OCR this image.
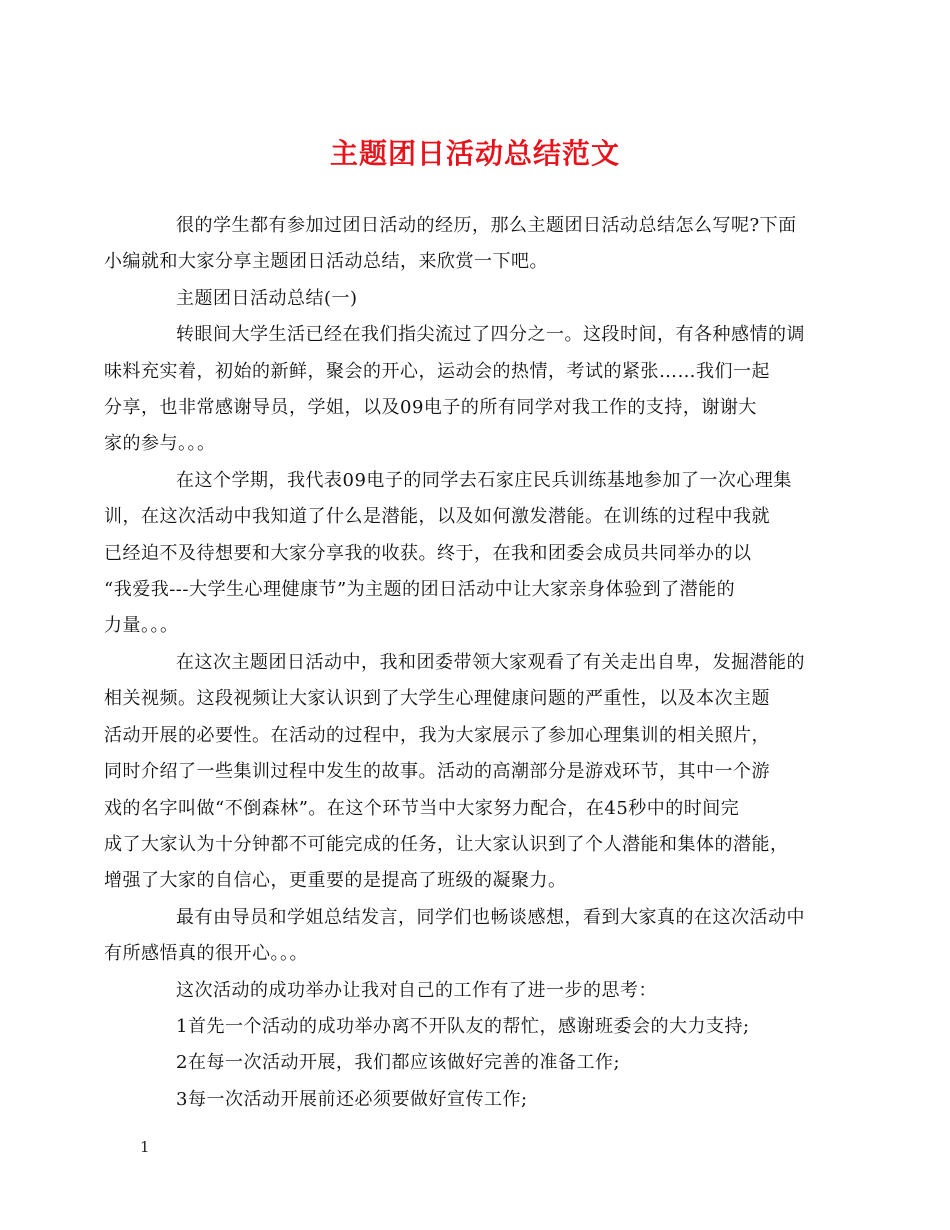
主题团日活动总结范文

很的学生都有参加过团日活动的经历，那么主题团日活动总结怎么写呢?下面
小编就和大家分享主题团日活动总结，来欣赏一下吧。

主题团日活动总结(一)

转眼间大学生活已经在我们指尖流过了四分之一。这段时间，有各种感情的调
味料充实着，初始的新鲜，聚会的开心，运动会的热情，考试的紧张……我们一起
分享，也非常感谢导员，学姐，以及09电子的所有同学对我工作的支持，谢谢大
家的参与。。。

在这个学期，我代表09电子的同学去石家庄民兵训练基地参加了一次心理集
训，在这次活动中我知道了什么是潜能，以及如何激发潜能。在训练的过程中我就
已经迫不及待想要和大家分享我的收获。终于，在我和团委会成员共同举办的以
“我爱我---大学生心理健康节”为主题的团日活动中让大家亲身体验到了潜能的
力量。。。

在这次主题团日活动中，我和团委带领大家观看了有关走出自卑，发掘潜能的
相关视频。这段视频让大家认识到了大学生心理健康问题的严重性，以及本次主题
活动开展的必要性。在活动的过程中，我为大家展示了参加心理集训的相关照片，
同时介绍了一些集训过程中发生的故事。活动的高潮部分是游戏环节，其中一个游
戏的名字叫做“不倒森林”。在这个环节当中大家努力配合，在45秒中的时间完
成了大家认为十分钟都不可能完成的任务，让大家认识到了个人潜能和集体的潜能，
增强了大家的自信心，更重要的是提高了班级的凝聚力。

最有由导员和学姐总结发言，同学们也畅谈感想，看到大家真的在这次活动中
有所感悟真的很开心。。。

这次活动的成功举办让我对自己的工作有了进一步的思考：

1首先一个活动的成功举办离不开队友的帮忙，感谢班委会的大力支持;

2在每一次活动开展，我们都应该做好完善的准备工作;

3每一次活动开展前还必须要做好宣传工作;

1
